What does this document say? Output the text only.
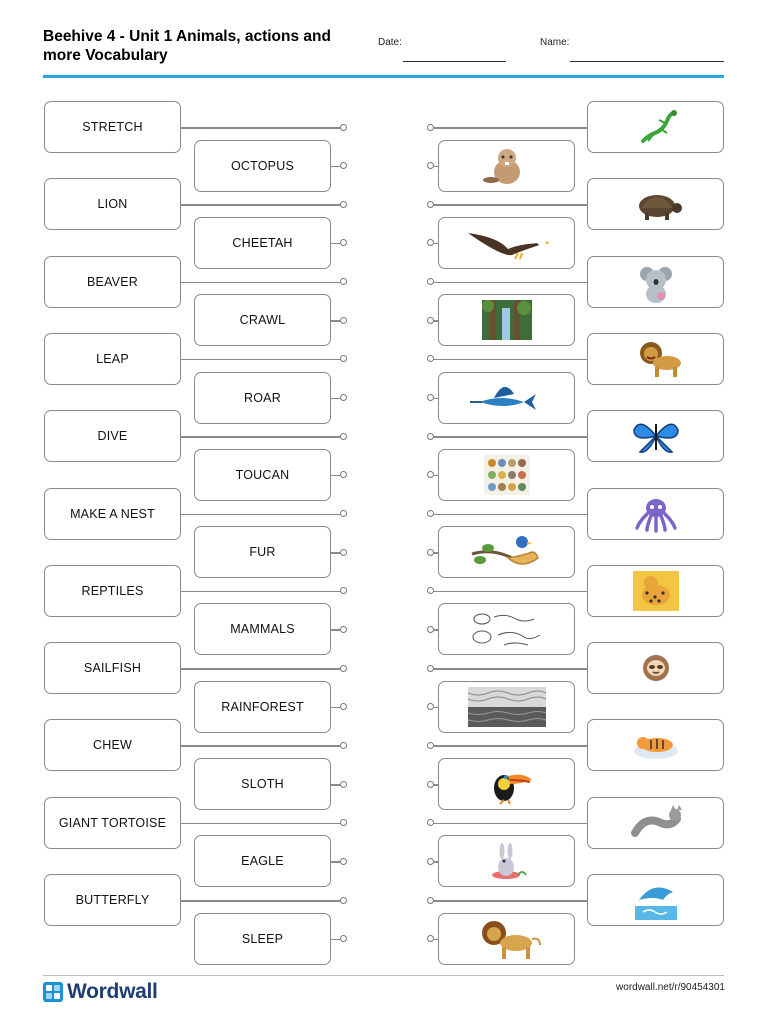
Beehive 4 - Unit 1 Animals, actions and
more Vocabulary
Date:	Name:
STRETCH
OCTOPUS
LION
CHEETAH
BEAVER
CRAWL
LEAP
ROAR
DIVE
TOUCAN
MAKE A NEST
FUR
REPTILES
MAMMALS
SAILFISH
RAINFOREST
CHEW
SLOTH
GIANT TORTOISE
EAGLE
BUTTERFLY
SLEEP
Wordwall	wordwall.net/r/90454301
